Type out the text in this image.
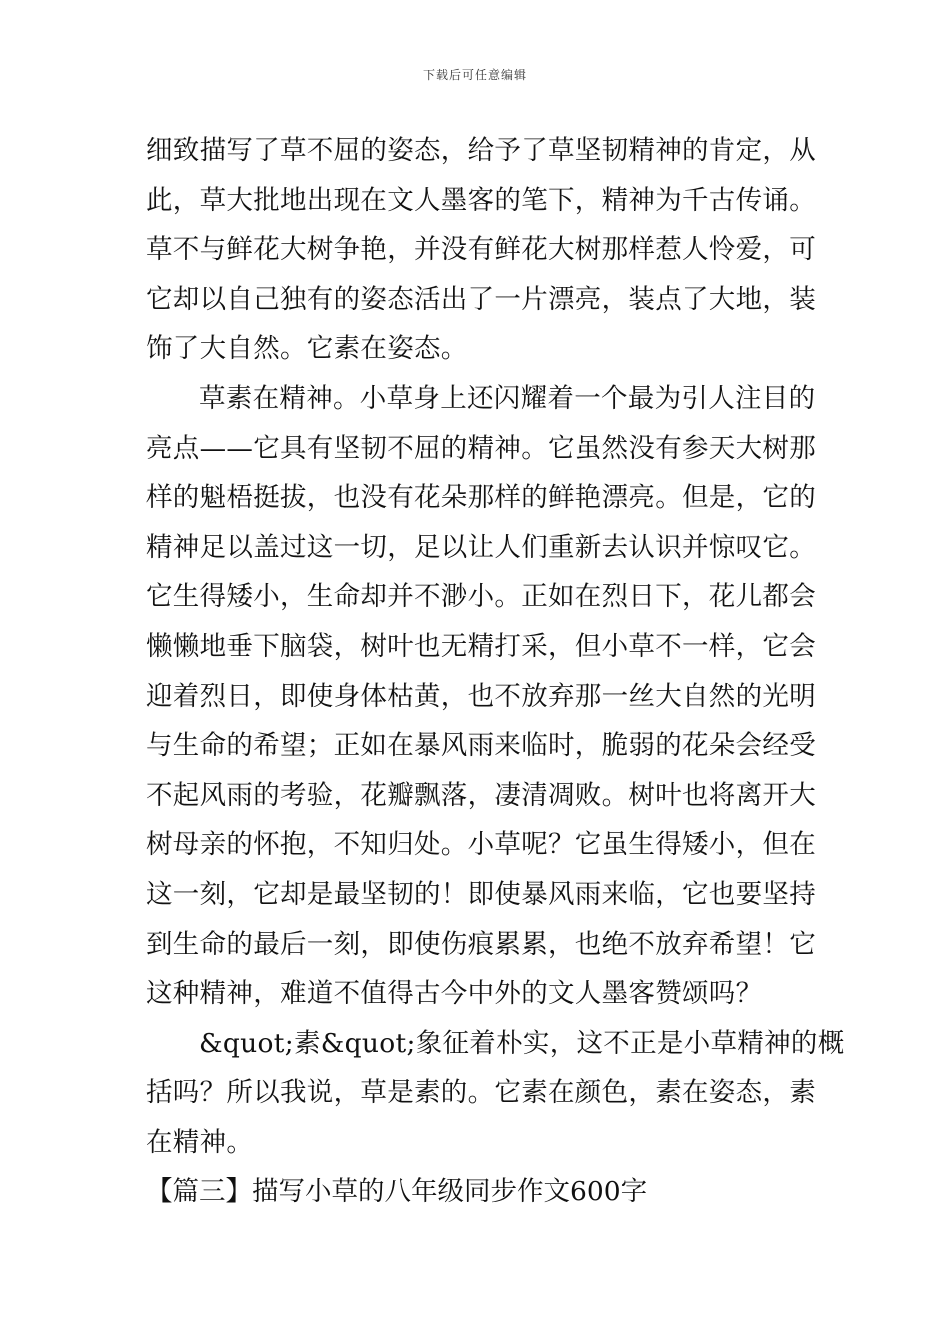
下载后可任意编辑
细致描写了草不屈的姿态，给予了草坚韧精神的肯定，从
此，草大批地出现在文人墨客的笔下，精神为千古传诵。
草不与鲜花大树争艳，并没有鲜花大树那样惹人怜爱，可
它却以自己独有的姿态活出了一片漂亮，装点了大地，装
饰了大自然。它素在姿态。
草素在精神。小草身上还闪耀着一个最为引人注目的
亮点——它具有坚韧不屈的精神。它虽然没有参天大树那
样的魁梧挺拔，也没有花朵那样的鲜艳漂亮。但是，它的
精神足以盖过这一切，足以让人们重新去认识并惊叹它。
它生得矮小，生命却并不渺小。正如在烈日下，花儿都会
懒懒地垂下脑袋，树叶也无精打采，但小草不一样，它会
迎着烈日，即使身体枯黄，也不放弃那一丝大自然的光明
与生命的希望；正如在暴风雨来临时，脆弱的花朵会经受
不起风雨的考验，花瓣飘落，凄清凋败。树叶也将离开大
树母亲的怀抱，不知归处。小草呢？它虽生得矮小，但在
这一刻，它却是最坚韧的！即使暴风雨来临，它也要坚持
到生命的最后一刻，即使伤痕累累，也绝不放弃希望！它
这种精神，难道不值得古今中外的文人墨客赞颂吗？
&quot;素&quot;象征着朴实，这不正是小草精神的概
括吗？所以我说，草是素的。它素在颜色，素在姿态，素
在精神。
【篇三】描写小草的八年级同步作文600字
